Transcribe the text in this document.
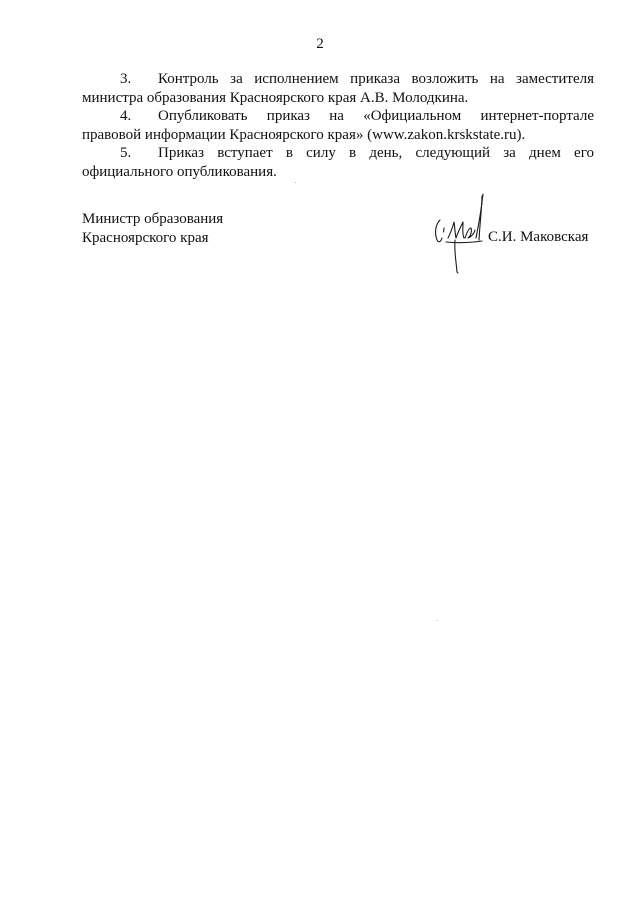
2
3. Контроль за исполнением приказа возложить на заместителя
министра образования Красноярского края А.В. Молодкина.
4. Опубликовать приказ на «Официальном интернет-портале
правовой информации Красноярского края» (www.zakon.krskstate.ru).
5. Приказ вступает в силу в день, следующий за днем его
официального опубликования.
Министр образования
Красноярского края	С.И. Маковская
